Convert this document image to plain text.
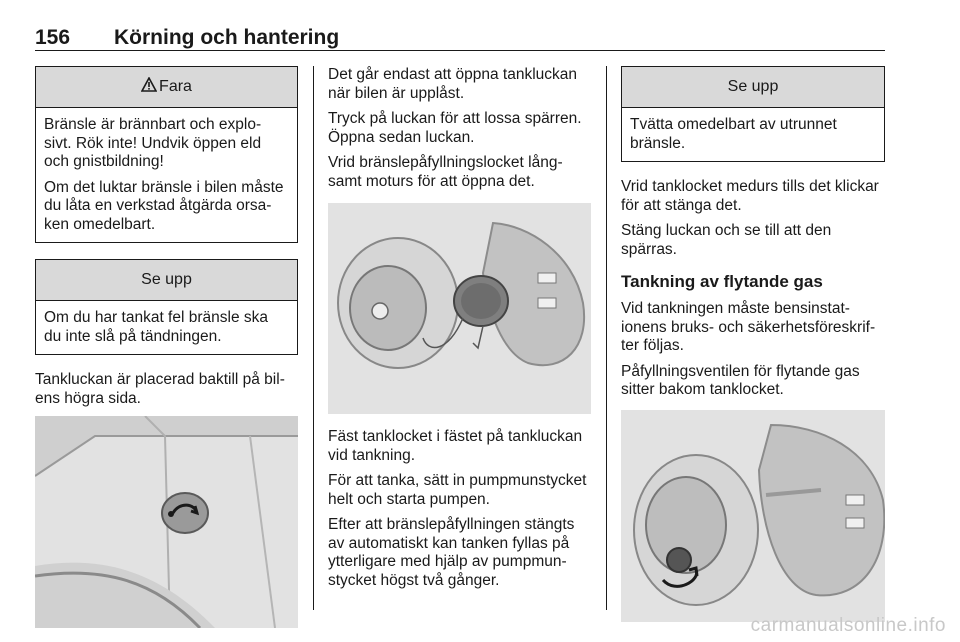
156 Körning och hantering
Fara

Bränsle är brännbart och explo- sivt. Rök inte! Undvik öppen eld och gnistbildning!

Om det luktar bränsle i bilen måste du låta en verkstad åtgärda orsa- ken omedelbart.

Se upp

Om du har tankat fel bränsle ska du inte slå på tändningen.

Tankluckan är placerad baktill på bil- ens högra sida.

Det går endast att öppna tankluckan när bilen är upplåst.

Tryck på luckan för att lossa spärren. Öppna sedan luckan.

Vrid bränslepåfyllningslocket lång- samt moturs för att öppna det.

Fäst tanklocket i fästet på tankluckan vid tankning.

För att tanka, sätt in pumpmunstycket helt och starta pumpen.

Efter att bränslepåfyllningen stängts av automatiskt kan tanken fyllas på ytterligare med hjälp av pumpmun- stycket högst två gånger.

Se upp

Tvätta omedelbart av utrunnet bränsle.

Vrid tanklocket medurs tills det klickar för att stänga det.

Stäng luckan och se till att den spärras.

Tankning av flytande gas

Vid tankningen måste bensinstat- ionens bruks- och säkerhetsföreskrif- ter följas.

Påfyllningsventilen för flytande gas sitter bakom tanklocket.

carmanualsonline.info
